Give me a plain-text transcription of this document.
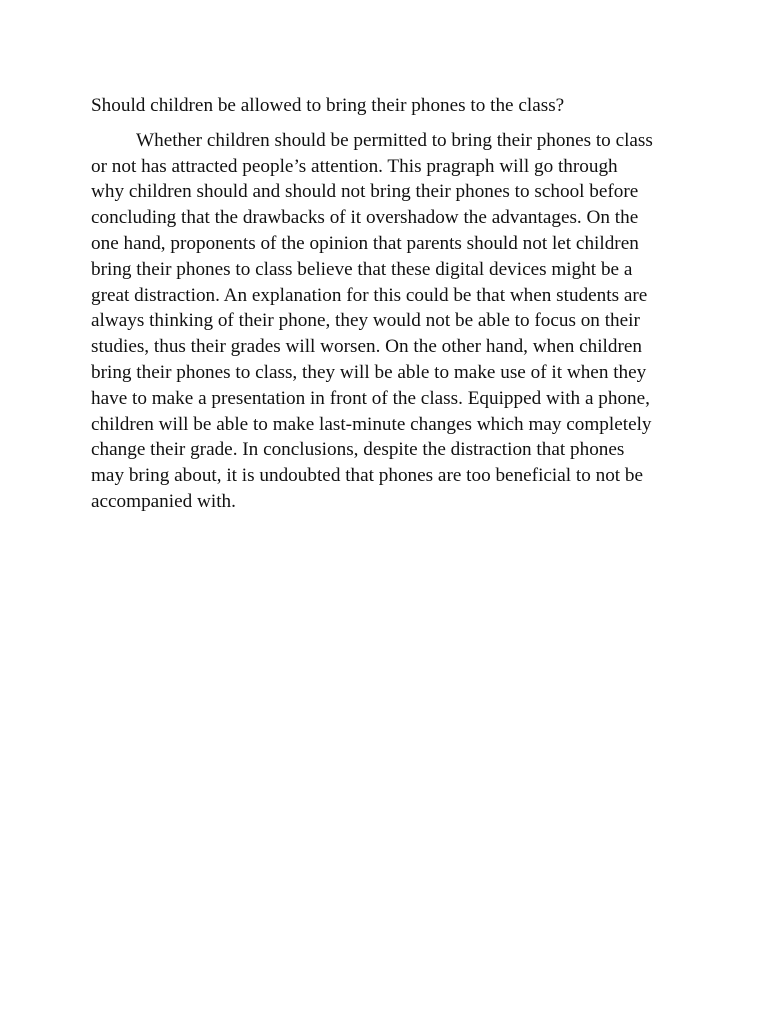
Should children be allowed to bring their phones to the class?

Whether children should be permitted to bring their phones to class
or not has attracted people’s attention. This pragraph will go through
why children should and should not bring their phones to school before
concluding that the drawbacks of it overshadow the advantages. On the
one hand, proponents of the opinion that parents should not let children
bring their phones to class believe that these digital devices might be a
great distraction. An explanation for this could be that when students are
always thinking of their phone, they would not be able to focus on their
studies, thus their grades will worsen. On the other hand, when children
bring their phones to class, they will be able to make use of it when they
have to make a presentation in front of the class. Equipped with a phone,
children will be able to make last-minute changes which may completely
change their grade. In conclusions, despite the distraction that phones
may bring about, it is undoubted that phones are too beneficial to not be
accompanied with.
